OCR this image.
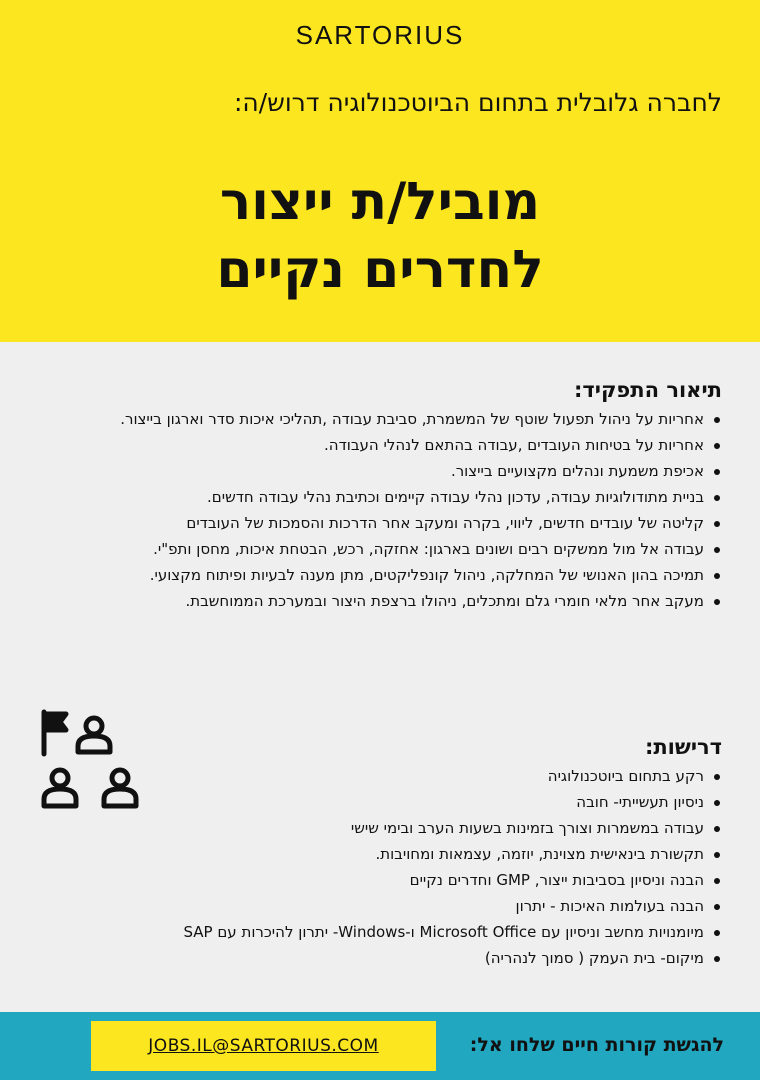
SARTORIUS
לחברה גלובלית בתחום הביוטכנולוגיה דרוש/ה:
מוביל/ת ייצור
לחדרים נקיים
תיאור התפקיד:
אחריות על ניהול תפעול שוטף של המשמרת, סביבת עבודה ,תהליכי איכות סדר וארגון בייצור.
אחריות על בטיחות העובדים ,עבודה בהתאם לנהלי העבודה.
אכיפת משמעת ונהלים מקצועיים בייצור.
בניית מתודולוגיות עבודה, עדכון נהלי עבודה קיימים וכתיבת נהלי עבודה חדשים.
קליטה של עובדים חדשים, ליווי, בקרה ומעקב אחר הדרכות והסמכות של העובדים
עבודה אל מול ממשקים רבים ושונים בארגון: אחזקה, רכש, הבטחת איכות, מחסן ותפ"י.
תמיכה בהון האנושי של המחלקה, ניהול קונפליקטים, מתן מענה לבעיות ופיתוח מקצועי.
מעקב אחר מלאי חומרי גלם ומתכלים, ניהולו ברצפת היצור ובמערכת הממוחשבת.
דרישות:
רקע בתחום ביוטכנולוגיה
ניסיון תעשייתי- חובה
עבודה במשמרות וצורך בזמינות בשעות הערב ובימי שישי
תקשורת בינאישית מצוינת, יוזמה, עצמאות ומחויבות.
הבנה וניסיון בסביבות ייצור, GMP וחדרים נקיים
הבנה בעולמות האיכות - יתרון
מיומנויות מחשב וניסיון עם Microsoft Office ו-Windows- יתרון להיכרות עם SAP
מיקום- בית העמק ( סמוך לנהריה)
להגשת קורות חיים שלחו אל:
JOBS.IL@SARTORIUS.COM
